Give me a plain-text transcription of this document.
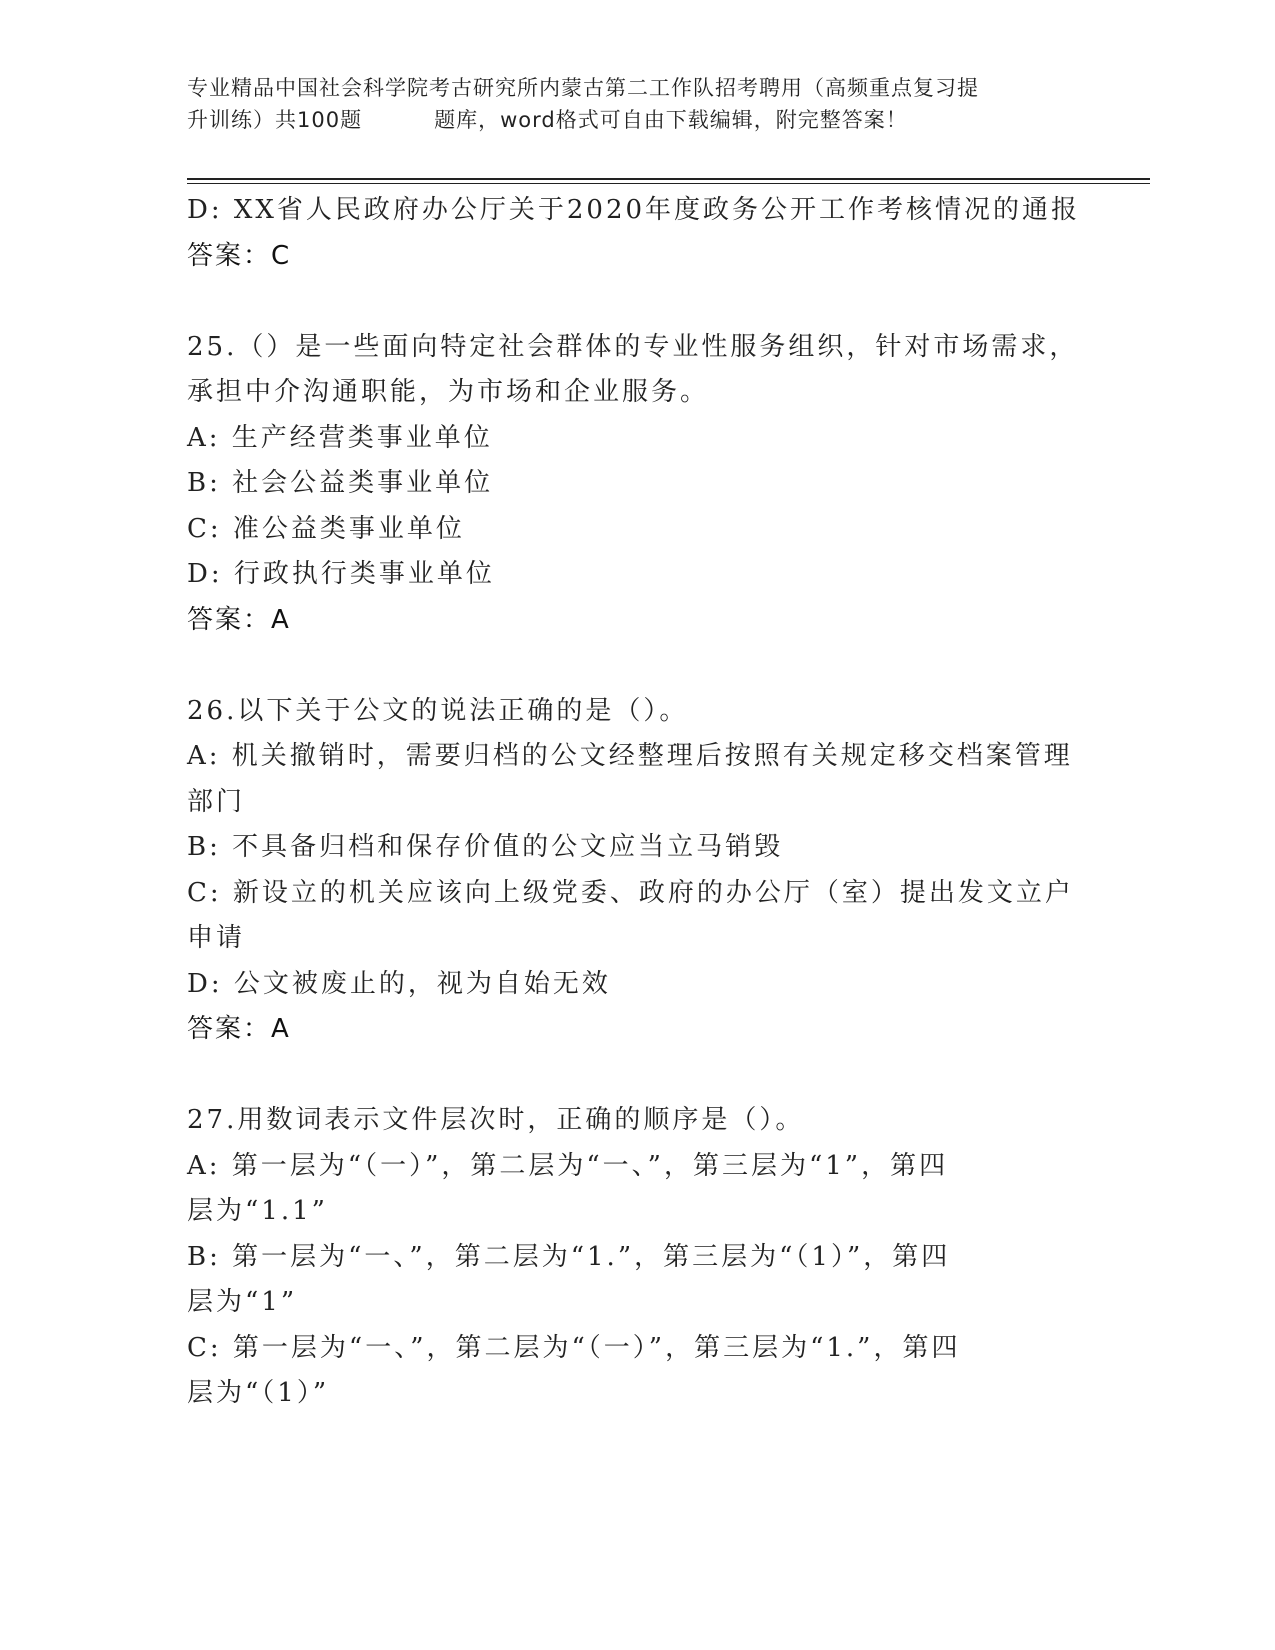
专业精品中国社会科学院考古研究所内蒙古第二工作队招考聘用（高频重点复习提
升训练）共100题	题库，word格式可自由下载编辑，附完整答案！
D: XX省人民政府办公厅关于2020年度政务公开工作考核情况的通报
答案：C
25.（）是一些面向特定社会群体的专业性服务组织，针对市场需求，
承担中介沟通职能，为市场和企业服务。
A: 生产经营类事业单位
B: 社会公益类事业单位
C: 准公益类事业单位
D: 行政执行类事业单位
答案：A
26.以下关于公文的说法正确的是（）。
A: 机关撤销时，需要归档的公文经整理后按照有关规定移交档案管理
部门
B: 不具备归档和保存价值的公文应当立马销毁
C: 新设立的机关应该向上级党委、政府的办公厅（室）提出发文立户
申请
D: 公文被废止的，视为自始无效
答案：A
27.用数词表示文件层次时，正确的顺序是（）。
A: 第一层为“（一）”，第二层为“一、”，第三层为“1”，第四
层为“1.1”
B: 第一层为“一、”，第二层为“1.”，第三层为“（1）”，第四
层为“1”
C: 第一层为“一、”，第二层为“（一）”，第三层为“1.”，第四
层为“（1）”
